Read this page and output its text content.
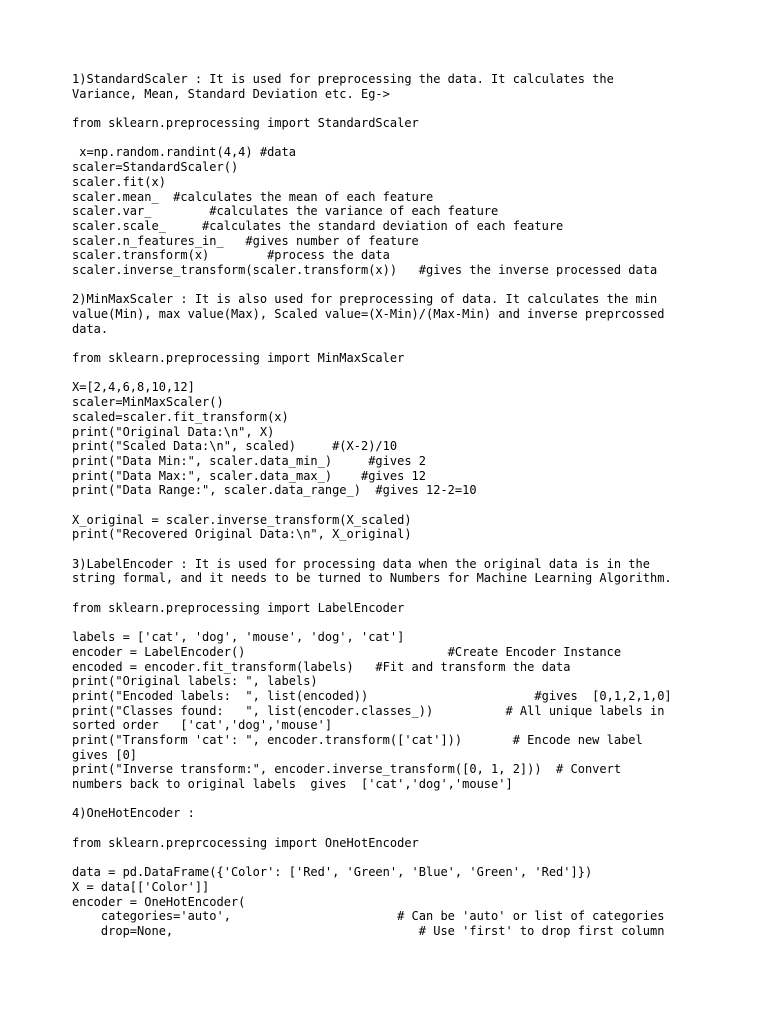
1)StandardScaler : It is used for preprocessing the data. It calculates the
Variance, Mean, Standard Deviation etc. Eg->
from sklearn.preprocessing import StandardScaler
x=np.random.randint(4,4) #data
scaler=StandardScaler()
scaler.fit(x)
scaler.mean_  #calculates the mean of each feature
scaler.var_        #calculates the variance of each feature
scaler.scale_     #calculates the standard deviation of each feature
scaler.n_features_in_   #gives number of feature
scaler.transform(x)        #process the data
scaler.inverse_transform(scaler.transform(x))   #gives the inverse processed data
2)MinMaxScaler : It is also used for preprocessing of data. It calculates the min
value(Min), max value(Max), Scaled value=(X-Min)/(Max-Min) and inverse preprcossed
data.
from sklearn.preprocessing import MinMaxScaler
X=[2,4,6,8,10,12]
scaler=MinMaxScaler()
scaled=scaler.fit_transform(x)
print("Original Data:\n", X)
print("Scaled Data:\n", scaled)     #(X-2)/10
print("Data Min:", scaler.data_min_)     #gives 2
print("Data Max:", scaler.data_max_)    #gives 12
print("Data Range:", scaler.data_range_)  #gives 12-2=10
X_original = scaler.inverse_transform(X_scaled)
print("Recovered Original Data:\n", X_original)
3)LabelEncoder : It is used for processing data when the original data is in the
string formal, and it needs to be turned to Numbers for Machine Learning Algorithm.
from sklearn.preprocessing import LabelEncoder
labels = ['cat', 'dog', 'mouse', 'dog', 'cat']
encoder = LabelEncoder()                            #Create Encoder Instance
encoded = encoder.fit_transform(labels)   #Fit and transform the data
print("Original labels: ", labels)
print("Encoded labels:  ", list(encoded))                       #gives  [0,1,2,1,0]
print("Classes found:   ", list(encoder.classes_))          # All unique labels in
sorted order   ['cat','dog','mouse']
print("Transform 'cat': ", encoder.transform(['cat']))       # Encode new label
gives [0]
print("Inverse transform:", encoder.inverse_transform([0, 1, 2]))  # Convert
numbers back to original labels  gives  ['cat','dog','mouse']
4)OneHotEncoder :
from sklearn.preprcocessing import OneHotEncoder
data = pd.DataFrame({'Color': ['Red', 'Green', 'Blue', 'Green', 'Red']})
X = data[['Color']]
encoder = OneHotEncoder(
categories='auto',                       # Can be 'auto' or list of categories
drop=None,                                  # Use 'first' to drop first column
